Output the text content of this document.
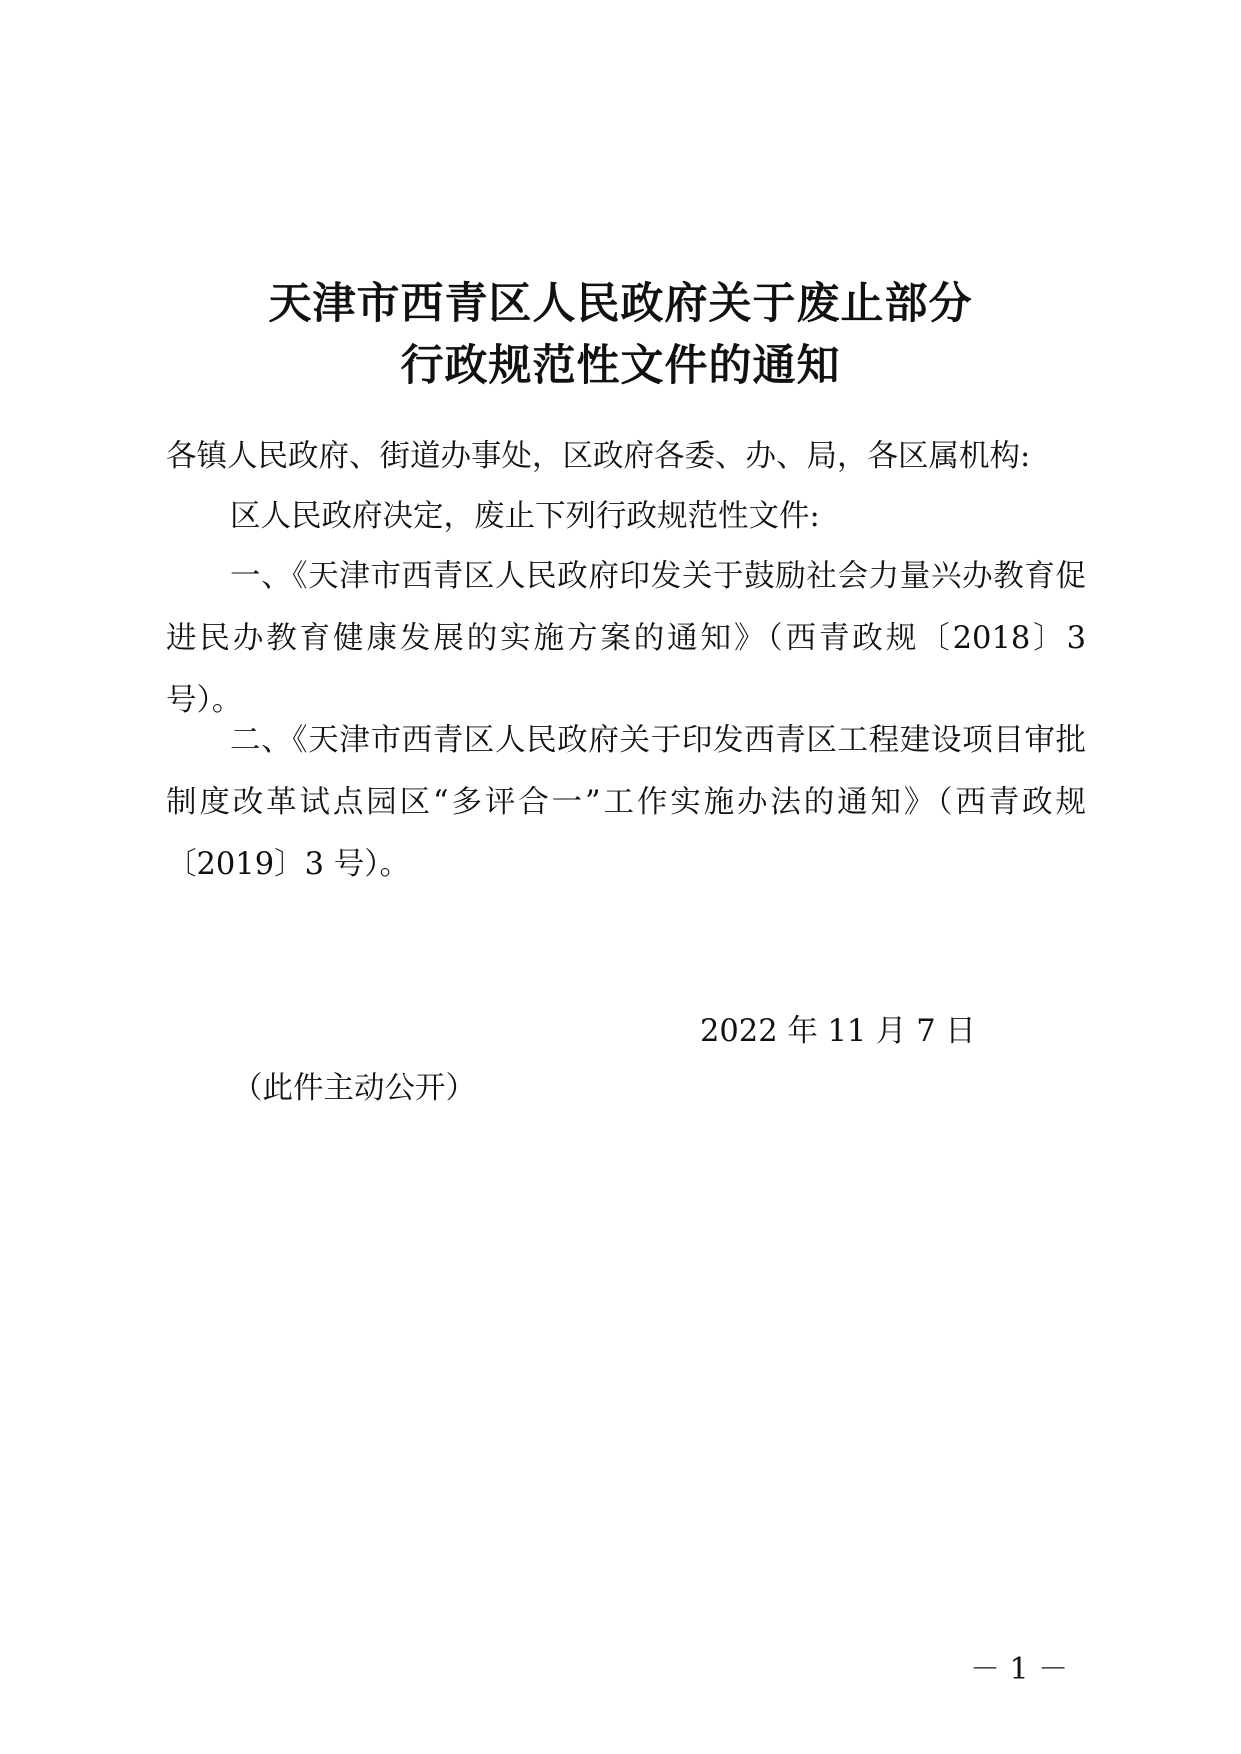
天津市西青区人民政府关于废止部分
行政规范性文件的通知

各镇人民政府、街道办事处，区政府各委、办、局，各区属机构:

区人民政府决定，废止下列行政规范性文件:

一、《天津市西青区人民政府印发关于鼓励社会力量兴办教育促进民办教育健康发展的实施方案的通知》（西青政规〔2018〕3 号）。

二、《天津市西青区人民政府关于印发西青区工程建设项目审批制度改革试点园区“多评合一”工作实施办法的通知》（西青政规〔2019〕3 号）。

2022 年 11 月 7 日
（此件主动公开）
－ 1 －
